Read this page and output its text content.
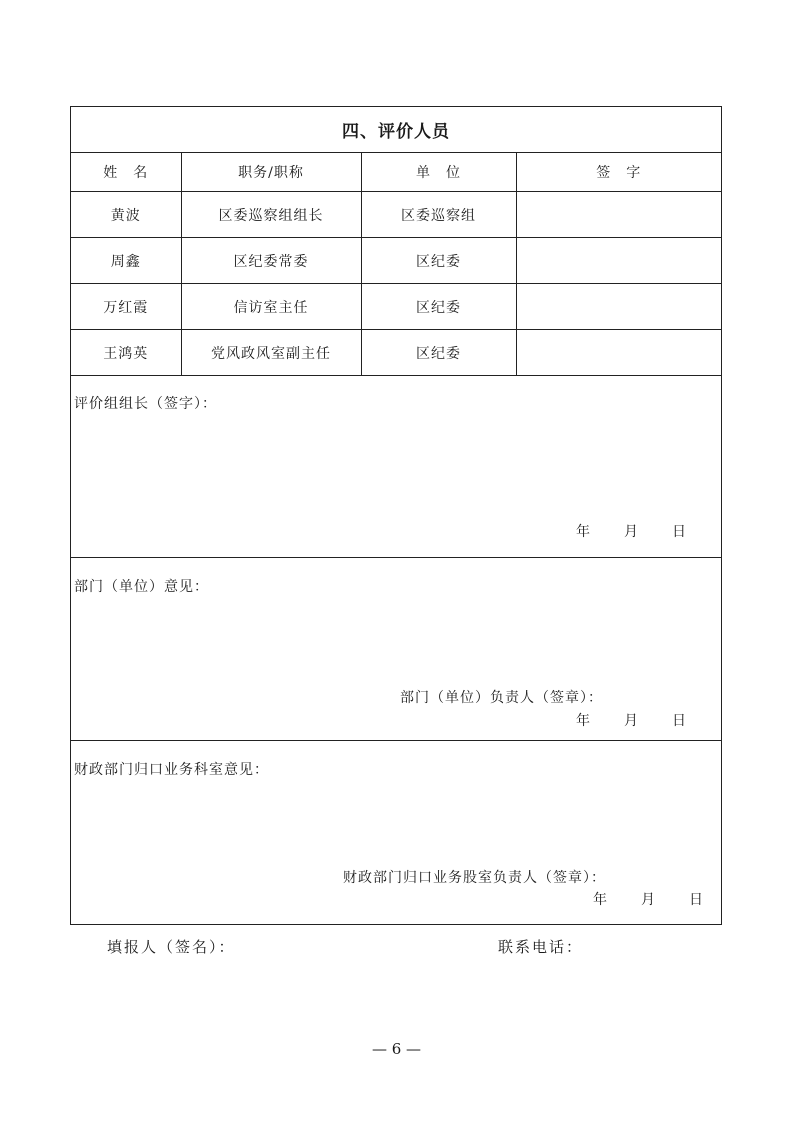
四、评价人员
姓　名	职务/职称	单　位	签　字
黄波	区委巡察组组长	区委巡察组	
周鑫	区纪委常委	区纪委	
万红霞	信访室主任	区纪委	
王鸿英	党风政风室副主任	区纪委	
评价组组长（签字）：
年 月 日
部门（单位）意见：
部门（单位）负责人（签章）：
年 月 日
财政部门归口业务科室意见：
财政部门归口业务股室负责人（签章）：
年 月 日
填报人（签名）：	联系电话：
— 6 —
